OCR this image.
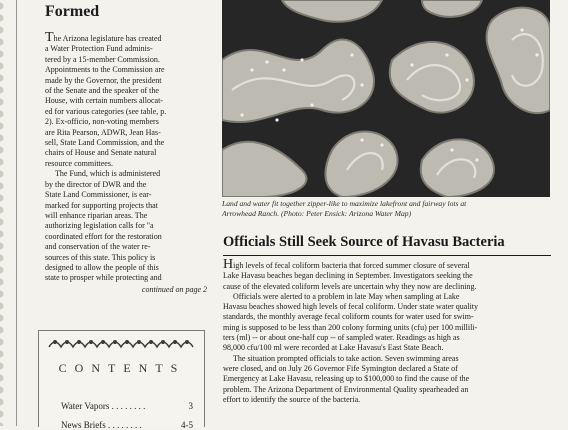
Formed

The Arizona legislature has created
a Water Protection Fund adminis-
tered by a 15-member Commission.
Appointments to the Commission are
made by the Governor, the president
of the Senate and the speaker of the
House, with certain numbers allocat-
ed for various categories (see table, p.
2). Ex-officio, non-voting members
are Rita Pearson, ADWR, Jean Has-
sell, State Land Commission, and the
chairs of House and Senate natural
resource committees.

The Fund, which is administered
by the director of DWR and the
State Land Commissioner, is ear-
marked for supporting projects that
will enhance riparian areas. The
authorizing legislation calls for "a
coordinated effort for the restoration
and conservation of the water re-
sources of this state. This policy is
designed to allow the people of this
state to prosper while protecting and

continued on page 2
CONTENTS
Water Vapors . . . . . . . .	3
News Briefs . . . . . . . .	4-5
Land and water fit together zipper-like to maximize lakefront and fairway lots at
Arrowhead Ranch. (Photo: Peter Ensick: Arizona Water Map)
Officials Still Seek Source of Havasu Bacteria

High levels of fecal coliform bacteria that forced summer closure of several
Lake Havasu beaches began declining in September. Investigators seeking the
cause of the elevated coliform levels are uncertain why they now are declining.

Officials were alerted to a problem in late May when sampling at Lake
Havasu beaches showed high levels of fecal coliform. Under state water quality
standards, the monthly average fecal coliform counts for water used for swim-
ming is supposed to be less than 200 colony forming units (cfu) per 100 millili-
ters (ml) -- or about one-half cup -- of sampled water. Readings as high as
98,000 cfu/100 ml were recorded at Lake Havasu's East State Beach.

The situation prompted officials to take action. Seven swimming areas
were closed, and on July 26 Governor Fife Symington declared a State of
Emergency at Lake Havasu, releasing up to $100,000 to find the cause of the
problem. The Arizona Department of Environmental Quality spearheaded an
effort to identify the source of the bacteria.
